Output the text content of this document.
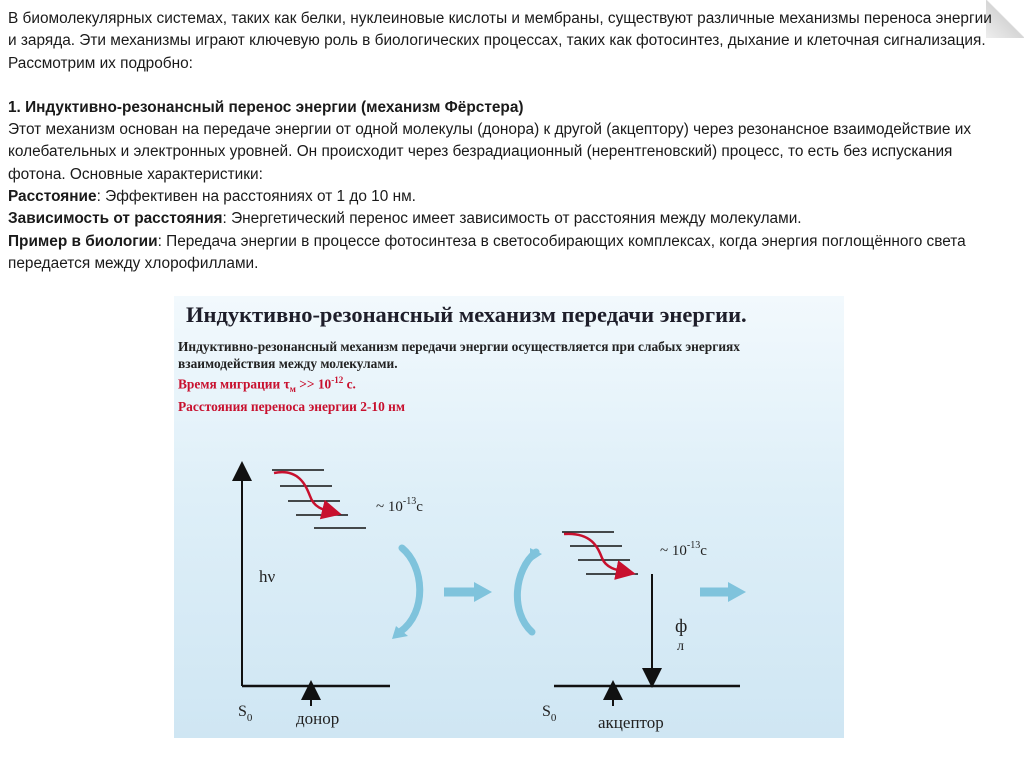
В биомолекулярных системах, таких как белки, нуклеиновые кислоты и мембраны, существуют различные механизмы переноса энергии и заряда. Эти механизмы играют ключевую роль в биологических процессах, таких как фотосинтез, дыхание и клеточная сигнализация. Рассмотрим их подробно:

1. Индуктивно-резонансный перенос энергии (механизм Фёрстера)

Этот механизм основан на передаче энергии от одной молекулы (донора) к другой (акцептору) через резонансное взаимодействие их колебательных и электронных уровней. Он происходит через безрадиационный (нерентгеновский) процесс, то есть без испускания фотона. Основные характеристики:

Расстояние: Эффективен на расстояниях от 1 до 10 нм.

Зависимость от расстояния: Энергетический перенос имеет зависимость от расстояния между молекулами.

Пример в биологии: Передача энергии в процессе фотосинтеза в светособирающих комплексах, когда энергия поглощённого света передается между хлорофиллами.

Индуктивно-резонансный механизм передачи энергии.
Индуктивно-резонансный механизм передачи энергии осуществляется при слабых энергиях взаимодействия между молекулами.
Время миграции $\tau_м >> 10^{-12}$ с.
Расстояния переноса энергии 2-10 нм
~ $10^{-13}c$
hν
$S_0$	донор
ф
л
~ $10^{-13}c$
$S_0$ акцептор
